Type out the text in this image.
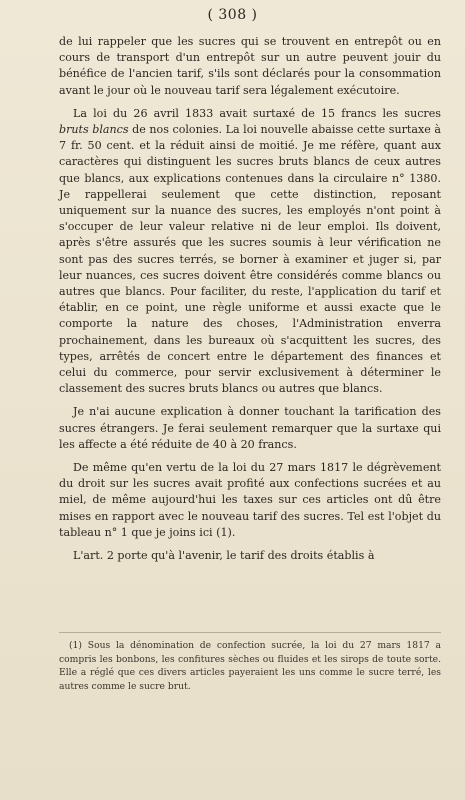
( 308 )

de lui rappeler que les sucres qui se trouvent en entrepôt ou en cours de transport d'un entrepôt sur un autre peuvent jouir du bénéfice de l'ancien tarif, s'ils sont déclarés pour la consommation avant le jour où le nouveau tarif sera légalement exécutoire.

La loi du 26 avril 1833 avait surtaxé de 15 francs les sucres bruts blancs de nos colonies. La loi nouvelle abaisse cette surtaxe à 7 fr. 50 cent. et la réduit ainsi de moitié. Je me réfère, quant aux caractères qui distinguent les sucres bruts blancs de ceux autres que blancs, aux explications contenues dans la circulaire n° 1380. Je rappellerai seulement que cette distinction, reposant uniquement sur la nuance des sucres, les employés n'ont point à s'occuper de leur valeur relative ni de leur emploi. Ils doivent, après s'être assurés que les sucres soumis à leur vérification ne sont pas des sucres terrés, se borner à examiner et juger si, par leur nuances, ces sucres doivent être considérés comme blancs ou autres que blancs. Pour faciliter, du reste, l'application du tarif et établir, en ce point, une règle uniforme et aussi exacte que le comporte la nature des choses, l'Administration enverra prochainement, dans les bureaux où s'acquittent les sucres, des types, arrêtés de concert entre le département des finances et celui du commerce, pour servir exclusivement à déterminer le classement des sucres bruts blancs ou autres que blancs.

Je n'ai aucune explication à donner touchant la tarification des sucres étrangers. Je ferai seulement remarquer que la surtaxe qui les affecte a été réduite de 40 à 20 francs.

De même qu'en vertu de la loi du 27 mars 1817 le dégrèvement du droit sur les sucres avait profité aux confections sucrées et au miel, de même aujourd'hui les taxes sur ces articles ont dû être mises en rapport avec le nouveau tarif des sucres. Tel est l'objet du tableau n° 1 que je joins ici (1).

L'art. 2 porte qu'à l'avenir, le tarif des droits établis à

(1) Sous la dénomination de confection sucrée, la loi du 27 mars 1817 a compris les bonbons, les confitures sèches ou fluides et les sirops de toute sorte. Elle a réglé que ces divers articles payeraient les uns comme le sucre terré, les autres comme le sucre brut.
